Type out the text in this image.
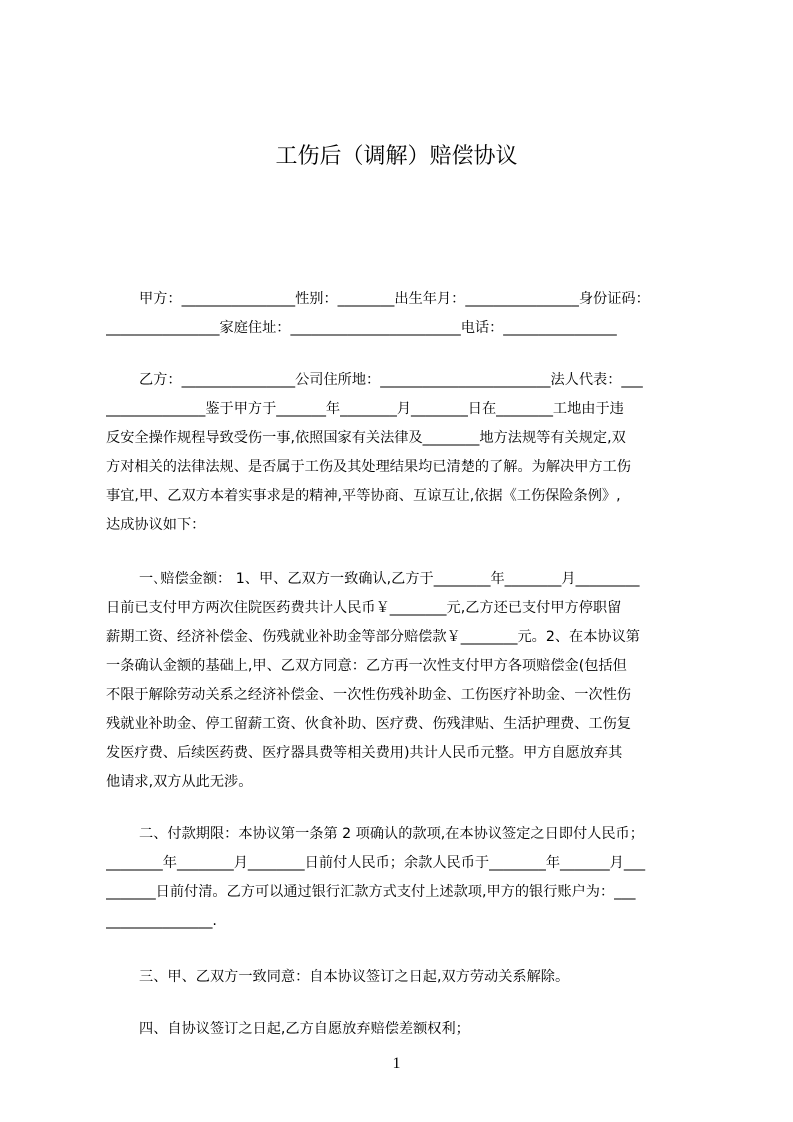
工伤后（调解）赔偿协议
甲方：________________性别：________出生年月：________________身份证码：
________________家庭住址：________________________电话：________________
乙方：________________公司住所地：________________________法人代表：___
______________鉴于甲方于_______年________月________日在________工地由于违
反安全操作规程导致受伤一事,依照国家有关法律及________地方法规等有关规定,双
方对相关的法律法规、是否属于工伤及其处理结果均已清楚的了解。为解决甲方工伤
事宜,甲、乙双方本着实事求是的精神,平等协商、互谅互让,依据《工伤保险条例》,
达成协议如下：
一､赔偿金额： 1、甲、乙双方一致确认,乙方于________年________月_________
日前已支付甲方两次住院医药费共计人民币￥________元,乙方还已支付甲方停职留
薪期工资、经济补偿金、伤残就业补助金等部分赔偿款￥________元。2、在本协议第
一条确认金额的基础上,甲、乙双方同意：乙方再一次性支付甲方各项赔偿金(包括但
不限于解除劳动关系之经济补偿金、一次性伤残补助金、工伤医疗补助金、一次性伤
残就业补助金、停工留薪工资、伙食补助、医疗费、伤残津贴、生活护理费、工伤复
发医疗费、后续医药费、医疗器具费等相关费用)共计人民币元整。甲方自愿放弃其
他请求,双方从此无涉。
二、付款期限：本协议第一条第 2 项确认的款项,在本协议签定之日即付人民币；
________年________月________日前付人民币；余款人民币于________年_______月___
_______日前付清。乙方可以通过银行汇款方式支付上述款项,甲方的银行账户为：___
_______________.
三、甲、乙双方一致同意：自本协议签订之日起,双方劳动关系解除。
四、自协议签订之日起,乙方自愿放弃赔偿差额权利；
1
